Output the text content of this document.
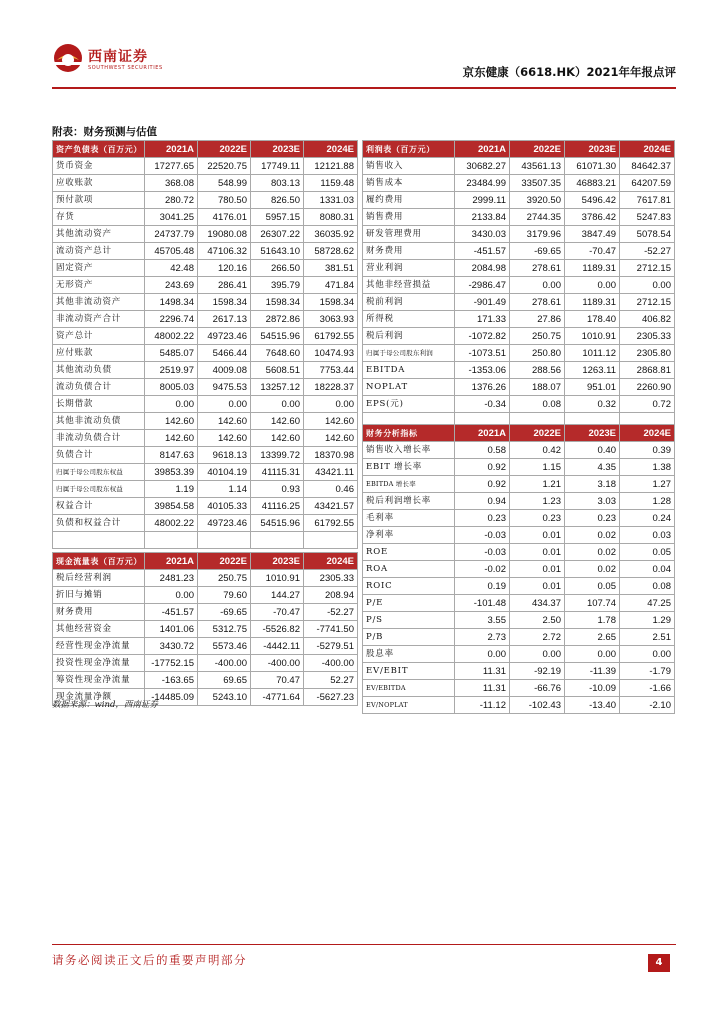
西南证券
SOUTHWEST SECURITIES	京东健康（6618.HK）2021年年报点评
附表：财务预测与估值
资产负债表（百万元）	2021A	2022E	2023E	2024E
货币资金	17277.65	22520.75	17749.11	12121.88
应收账款	368.08	548.99	803.13	1159.48
预付款项	280.72	780.50	826.50	1331.03
存货	3041.25	4176.01	5957.15	8080.31
其他流动资产	24737.79	19080.08	26307.22	36035.92
流动资产总计	45705.48	47106.32	51643.10	58728.62
固定资产	42.48	120.16	266.50	381.51
无形资产	243.69	286.41	395.79	471.84
其他非流动资产	1498.34	1598.34	1598.34	1598.34
非流动资产合计	2296.74	2617.13	2872.86	3063.93
资产总计	48002.22	49723.46	54515.96	61792.55
应付账款	5485.07	5466.44	7648.60	10474.93
其他流动负债	2519.97	4009.08	5608.51	7753.44
流动负债合计	8005.03	9475.53	13257.12	18228.37
长期借款	0.00	0.00	0.00	0.00
其他非流动负债	142.60	142.60	142.60	142.60
非流动负债合计	142.60	142.60	142.60	142.60
负债合计	8147.63	9618.13	13399.72	18370.98
归属于母公司股东权益	39853.39	40104.19	41115.31	43421.11
归属于母公司股东权益	1.19	1.14	0.93	0.46
权益合计	39854.58	40105.33	41116.25	43421.57
负债和权益合计	48002.22	49723.46	54515.96	61792.55

现金流量表（百万元）	2021A	2022E	2023E	2024E
税后经营利润	2481.23	250.75	1010.91	2305.33
折旧与摊销	0.00	79.60	144.27	208.94
财务费用	-451.57	-69.65	-70.47	-52.27
其他经营资金	1401.06	5312.75	-5526.82	-7741.50
经营性现金净流量	3430.72	5573.46	-4442.11	-5279.51
投资性现金净流量	-17752.15	-400.00	-400.00	-400.00
筹资性现金净流量	-163.65	69.65	70.47	52.27
现金流量净额	-14485.09	5243.10	-4771.64	-5627.23
利润表（百万元）	2021A	2022E	2023E	2024E
销售收入	30682.27	43561.13	61071.30	84642.37
销售成本	23484.99	33507.35	46883.21	64207.59
履约费用	2999.11	3920.50	5496.42	7617.81
销售费用	2133.84	2744.35	3786.42	5247.83
研发管理费用	3430.03	3179.96	3847.49	5078.54
财务费用	-451.57	-69.65	-70.47	-52.27
营业利润	2084.98	278.61	1189.31	2712.15
其他非经营损益	-2986.47	0.00	0.00	0.00
税前利润	-901.49	278.61	1189.31	2712.15
所得税	171.33	27.86	178.40	406.82
税后利润	-1072.82	250.75	1010.91	2305.33
归属于母公司股东利润	-1073.51	250.80	1011.12	2305.80
EBITDA	-1353.06	288.56	1263.11	2868.81
NOPLAT	1376.26	188.07	951.01	2260.90
EPS(元)	-0.34	0.08	0.32	0.72

财务分析指标	2021A	2022E	2023E	2024E
销售收入增长率	0.58	0.42	0.40	0.39
EBIT 增长率	0.92	1.15	4.35	1.38
EBITDA 增长率	0.92	1.21	3.18	1.27
税后利润增长率	0.94	1.23	3.03	1.28
毛利率	0.23	0.23	0.23	0.24
净利率	-0.03	0.01	0.02	0.03
ROE	-0.03	0.01	0.02	0.05
ROA	-0.02	0.01	0.02	0.04
ROIC	0.19	0.01	0.05	0.08
P/E	-101.48	434.37	107.74	47.25
P/S	3.55	2.50	1.78	1.29
P/B	2.73	2.72	2.65	2.51
股息率	0.00	0.00	0.00	0.00
EV/EBIT	11.31	-92.19	-11.39	-1.79
EV/EBITDA	11.31	-66.76	-10.09	-1.66
EV/NOPLAT	-11.12	-102.43	-13.40	-2.10
数据来源：wind，西南证券
请务必阅读正文后的重要声明部分	4
